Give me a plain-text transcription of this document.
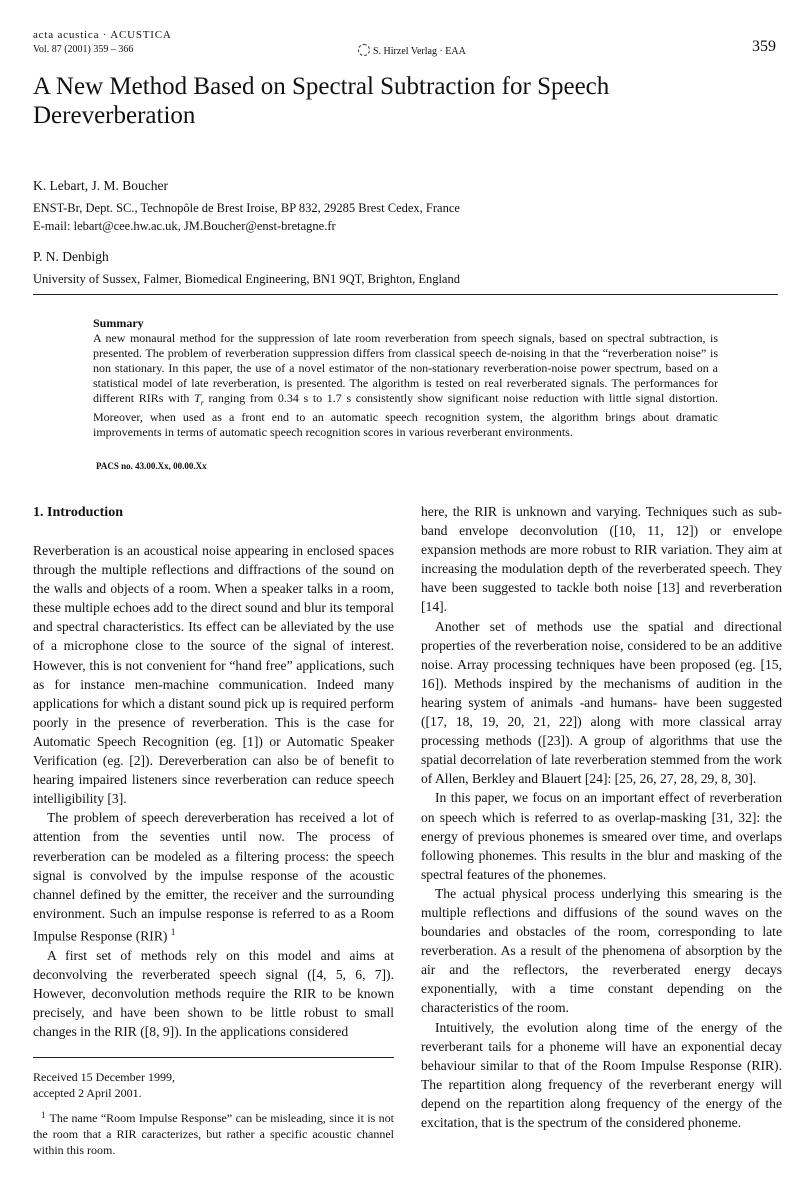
acta acustica · ACUSTICA
Vol. 87 (2001) 359 – 366	S. Hirzel Verlag · EAA	359
A New Method Based on Spectral Subtraction for Speech Dereverberation
K. Lebart, J. M. Boucher
ENST-Br, Dept. SC., Technopôle de Brest Iroise, BP 832, 29285 Brest Cedex, France
E-mail: lebart@cee.hw.ac.uk, JM.Boucher@enst-bretagne.fr
P. N. Denbigh
University of Sussex, Falmer, Biomedical Engineering, BN1 9QT, Brighton, England
Summary

A new monaural method for the suppression of late room reverberation from speech signals, based on spectral subtraction, is presented. The problem of reverberation suppression differs from classical speech de-noising in that the “reverberation noise” is non stationary. In this paper, the use of a novel estimator of the non-stationary reverberation-noise power spectrum, based on a statistical model of late reverberation, is presented. The algorithm is tested on real reverberated signals. The performances for different RIRs with $T_r$ ranging from 0.34 s to 1.7 s consistently show significant noise reduction with little signal distortion. Moreover, when used as a front end to an automatic speech recognition system, the algorithm brings about dramatic improvements in terms of automatic speech recognition scores in various reverberant environments.

PACS no. 43.00.Xx, 00.00.Xx
1. Introduction

Reverberation is an acoustical noise appearing in enclosed spaces through the multiple reflections and diffractions of the sound on the walls and objects of a room. When a speaker talks in a room, these multiple echoes add to the direct sound and blur its temporal and spectral characteristics. Its effect can be alleviated by the use of a microphone close to the source of the signal of interest. However, this is not convenient for “hand free” applications, such as for instance men-machine communication. Indeed many applications for which a distant sound pick up is required perform poorly in the presence of reverberation. This is the case for Automatic Speech Recognition (eg. [1]) or Automatic Speaker Verification (eg. [2]). Dereverberation can also be of benefit to hearing impaired listeners since reverberation can reduce speech intelligibility [3].

The problem of speech dereverberation has received a lot of attention from the seventies until now. The process of reverberation can be modeled as a filtering process: the speech signal is convolved by the impulse response of the acoustic channel defined by the emitter, the receiver and the surrounding environment. Such an impulse response is referred to as a Room Impulse Response (RIR) $^1$

A first set of methods rely on this model and aims at deconvolving the reverberated speech signal ([4, 5, 6, 7]). However, deconvolution methods require the RIR to be known precisely, and have been shown to be little robust to small changes in the RIR ([8, 9]). In the applications considered

here, the RIR is unknown and varying. Techniques such as sub-band envelope deconvolution ([10, 11, 12]) or envelope expansion methods are more robust to RIR variation. They aim at increasing the modulation depth of the reverberated speech. They have been suggested to tackle both noise [13] and reverberation [14].

Another set of methods use the spatial and directional properties of the reverberation noise, considered to be an additive noise. Array processing techniques have been proposed (eg. [15, 16]). Methods inspired by the mechanisms of audition in the hearing system of animals -and humans- have been suggested ([17, 18, 19, 20, 21, 22]) along with more classical array processing methods ([23]). A group of algorithms that use the spatial decorrelation of late reverberation stemmed from the work of Allen, Berkley and Blauert [24]: [25, 26, 27, 28, 29, 8, 30].

In this paper, we focus on an important effect of reverberation on speech which is referred to as overlap-masking [31, 32]: the energy of previous phonemes is smeared over time, and overlaps following phonemes. This results in the blur and masking of the spectral features of the phonemes.

The actual physical process underlying this smearing is the multiple reflections and diffusions of the sound waves on the boundaries and obstacles of the room, corresponding to late reverberation. As a result of the phenomena of absorption by the air and the reflectors, the reverberated energy decays exponentially, with a time constant depending on the characteristics of the room.

Intuitively, the evolution along time of the energy of the reverberant tails for a phoneme will have an exponential decay behaviour similar to that of the Room Impulse Response (RIR). The repartition along frequency of the reverberant energy will depend on the repartition along frequency of the energy of the excitation, that is the spectrum of the considered phoneme.

Received 15 December 1999,
accepted 2 April 2001.
$^1$ The name “Room Impulse Response” can be misleading, since it is not the room that a RIR caracterizes, but rather a specific acoustic channel within this room.
